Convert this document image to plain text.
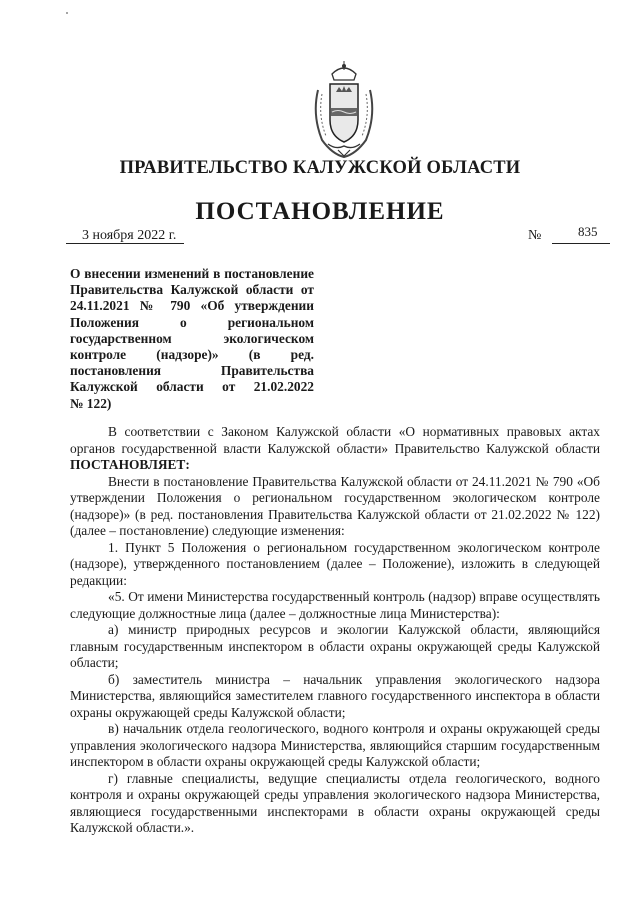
ПРАВИТЕЛЬСТВО КАЛУЖСКОЙ ОБЛАСТИ
ПОСТАНОВЛЕНИЕ
3 ноября 2022 г.	№	835
О внесении изменений в постановление Правительства Калужской области от 24.11.2021 № 790 «Об утверждении Положения о региональном государственном экологическом контроле (надзоре)» (в ред. постановления Правительства Калужской области от 21.02.2022
№ 122)

В соответствии с Законом Калужской области «О нормативных правовых актах органов государственной власти Калужской области» Правительство Калужской области ПОСТАНОВЛЯЕТ:

Внести в постановление Правительства Калужской области от 24.11.2021 № 790 «Об утверждении Положения о региональном государственном экологическом контроле (надзоре)» (в ред. постановления Правительства Калужской области от 21.02.2022 № 122) (далее – постановление) следующие изменения:

1. Пункт 5 Положения о региональном государственном экологическом контроле (надзоре), утвержденного постановлением (далее – Положение), изложить в следующей редакции:

«5. От имени Министерства государственный контроль (надзор) вправе осуществлять следующие должностные лица (далее – должностные лица Министерства):

а) министр природных ресурсов и экологии Калужской области, являющийся главным государственным инспектором в области охраны окружающей среды Калужской области;

б) заместитель министра – начальник управления экологического надзора Министерства, являющийся заместителем главного государственного инспектора в области охраны окружающей среды Калужской области;

в) начальник отдела геологического, водного контроля и охраны окружающей среды управления экологического надзора Министерства, являющийся старшим государственным инспектором в области охраны окружающей среды Калужской области;

г) главные специалисты, ведущие специалисты отдела геологического, водного контроля и охраны окружающей среды управления экологического надзора Министерства, являющиеся государственными инспекторами в области охраны окружающей среды Калужской области.».
